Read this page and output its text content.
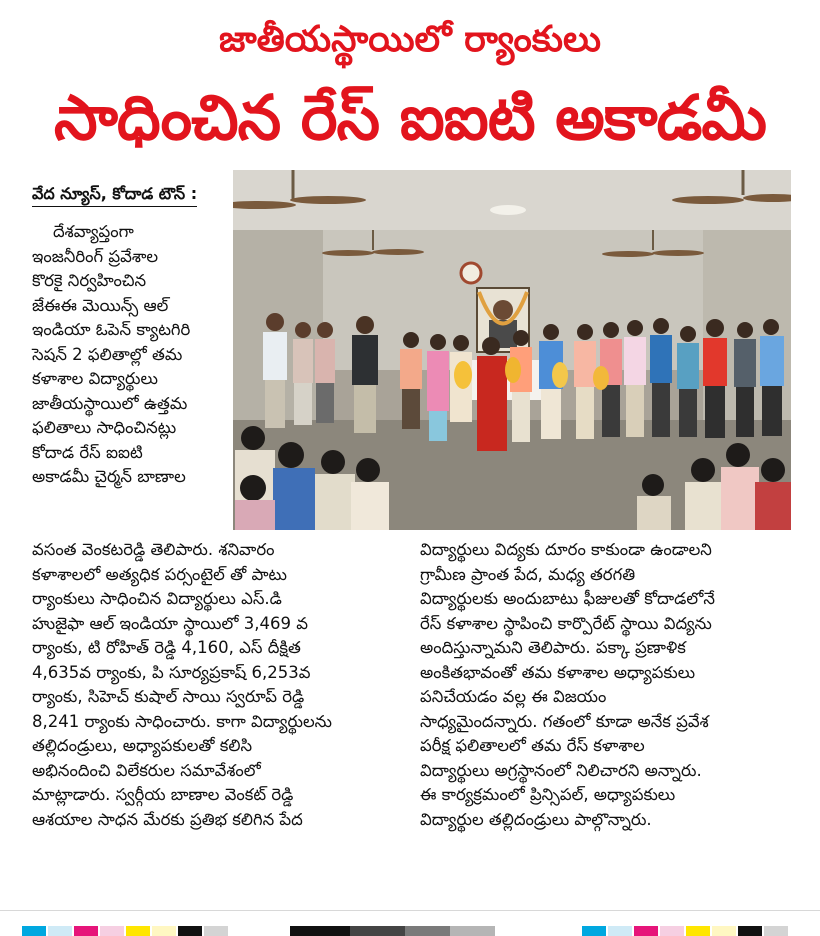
జాతీయస్థాయిలో ర్యాంకులు
సాధించిన రేస్ ఐఐటి అకాడమీ
వేద న్యూస్, కోదాడ టౌన్ :

దేశవ్యాప్తంగా

ఇంజనీరింగ్ ప్రవేశాల

కొరకై నిర్వహించిన

జేఈఈ మెయిన్స్ ఆల్

ఇండియా ఓపెన్ క్యాటగిరి

సెషన్ 2 ఫలితాల్లో తమ

కళాశాల విద్యార్థులు

జాతీయస్థాయిలో ఉత్తమ

ఫలితాలు సాధించినట్లు

కోదాడ రేస్ ఐఐటి

అకాడమీ చైర్మన్ బాణాల

వసంత వెంకటరెడ్డి తెలిపారు. శనివారం

కళాశాలలో అత్యధిక పర్సంటైల్ తో పాటు

ర్యాంకులు సాధించిన విద్యార్థులు ఎస్.డి

హుజైఫా ఆల్ ఇండియా స్థాయిలో 3,469 వ

ర్యాంకు, టి రోహిత్ రెడ్డి 4,160, ఎస్ దీక్షిత

4,635వ ర్యాంకు, పి సూర్యప్రకాష్ 6,253వ

ర్యాంకు, సిహెచ్ కుషాల్ సాయి స్వరూప్ రెడ్డి

8,241 ర్యాంకు సాధించారు. కాగా విద్యార్థులను

తల్లిదండ్రులు, అధ్యాపకులతో కలిసి

అభినందించి విలేకరుల సమావేశంలో

మాట్లాడారు. స్వర్గీయ బాణాల వెంకట్ రెడ్డి

ఆశయాల సాధన మేరకు ప్రతిభ కలిగిన పేద

విద్యార్థులు విద్యకు దూరం కాకుండా ఉండాలని

గ్రామీణ ప్రాంత పేద, మధ్య తరగతి

విద్యార్థులకు అందుబాటు ఫీజులతో కోదాడలోనే

రేస్ కళాశాల స్థాపించి కార్పొరేట్ స్థాయి విద్యను

అందిస్తున్నామని తెలిపారు. పక్కా ప్రణాళిక

అంకితభావంతో తమ కళాశాల అధ్యాపకులు

పనిచేయడం వల్ల ఈ విజయం

సాధ్యమైందన్నారు. గతంలో కూడా అనేక ప్రవేశ

పరీక్ష ఫలితాలలో తమ రేస్ కళాశాల

విద్యార్థులు అగ్రస్థానంలో నిలిచారని అన్నారు.

ఈ కార్యక్రమంలో ప్రిన్సిపల్, అధ్యాపకులు

విద్యార్థుల తల్లిదండ్రులు పాల్గొన్నారు.
